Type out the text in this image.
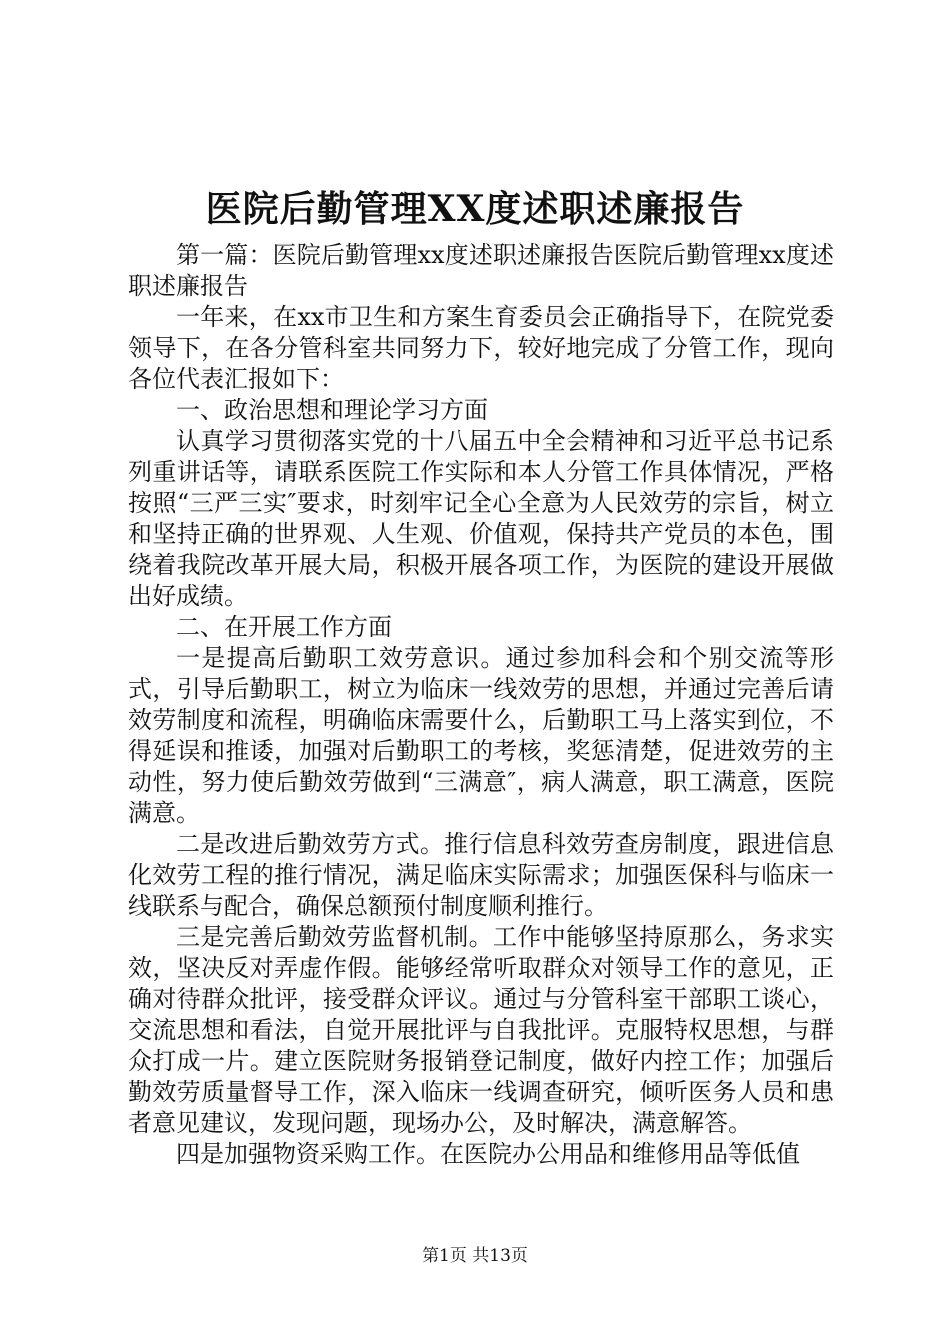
医院后勤管理XX度述职述廉报告

第一篇：医院后勤管理xx度述职述廉报告医院后勤管理xx度述职述廉报告

一年来，在xx市卫生和方案生育委员会正确指导下，在院党委领导下，在各分管科室共同努力下，较好地完成了分管工作，现向各位代表汇报如下：

一、政治思想和理论学习方面

认真学习贯彻落实党的十八届五中全会精神和习近平总书记系列重讲话等，请联系医院工作实际和本人分管工作具体情况，严格按照“三严三实″要求，时刻牢记全心全意为人民效劳的宗旨，树立和坚持正确的世界观、人生观、价值观，保持共产党员的本色，围绕着我院改革开展大局，积极开展各项工作，为医院的建设开展做出好成绩。

二、在开展工作方面

一是提高后勤职工效劳意识。通过参加科会和个别交流等形式，引导后勤职工，树立为临床一线效劳的思想，并通过完善后请效劳制度和流程，明确临床需要什么，后勤职工马上落实到位，不得延误和推诿，加强对后勤职工的考核，奖惩清楚，促进效劳的主动性，努力使后勤效劳做到“三满意″，病人满意，职工满意，医院满意。

二是改进后勤效劳方式。推行信息科效劳查房制度，跟进信息化效劳工程的推行情况，满足临床实际需求；加强医保科与临床一线联系与配合，确保总额预付制度顺利推行。

三是完善后勤效劳监督机制。工作中能够坚持原那么，务求实效，坚决反对弄虚作假。能够经常听取群众对领导工作的意见，正确对待群众批评，接受群众评议。通过与分管科室干部职工谈心，交流思想和看法，自觉开展批评与自我批评。克服特权思想，与群众打成一片。建立医院财务报销登记制度，做好内控工作；加强后勤效劳质量督导工作，深入临床一线调查研究，倾听医务人员和患者意见建议，发现问题，现场办公，及时解决，满意解答。

四是加强物资采购工作。在医院办公用品和维修用品等低值

第1页 共13页
